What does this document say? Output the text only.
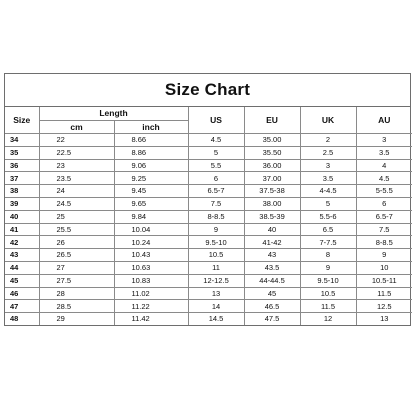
Size Chart
Size	Length		US	EU	UK	AU
	cm	inch				
34	22	8.66	4.5	35.00	2	3
35	22.5	8.86	5	35.50	2.5	3.5
36	23	9.06	5.5	36.00	3	4
37	23.5	9.25	6	37.00	3.5	4.5
38	24	9.45	6.5-7	37.5-38	4-4.5	5-5.5
39	24.5	9.65	7.5	38.00	5	6
40	25	9.84	8-8.5	38.5-39	5.5-6	6.5-7
41	25.5	10.04	9	40	6.5	7.5
42	26	10.24	9.5-10	41-42	7-7.5	8-8.5
43	26.5	10.43	10.5	43	8	9
44	27	10.63	11	43.5	9	10
45	27.5	10.83	12-12.5	44-44.5	9.5-10	10.5-11
46	28	11.02	13	45	10.5	11.5
47	28.5	11.22	14	46.5	11.5	12.5
48	29	11.42	14.5	47.5	12	13
